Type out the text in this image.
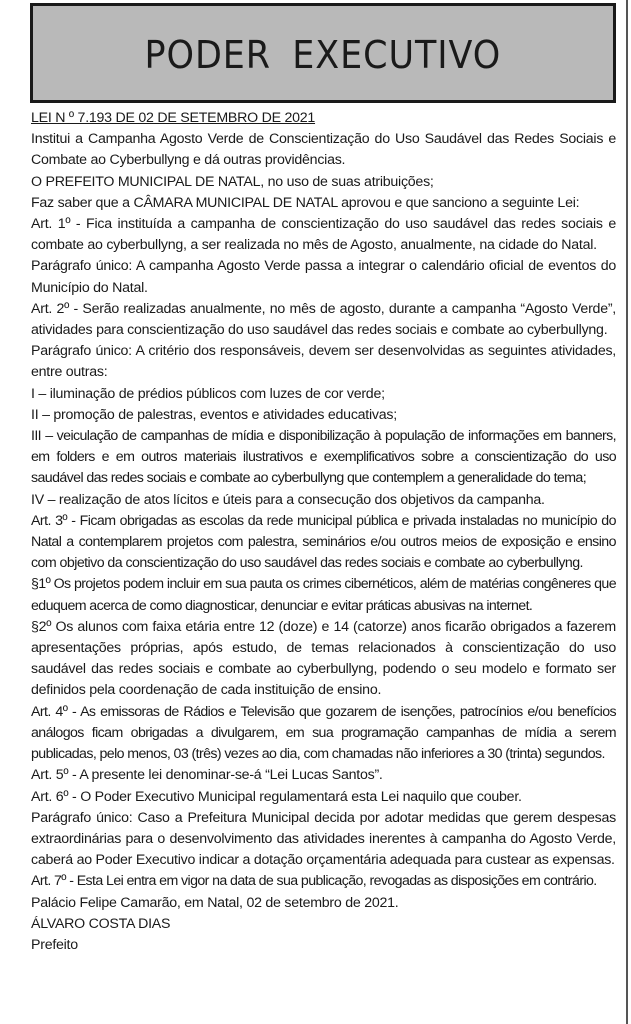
PODER EXECUTIVO

LEI N º 7.193 DE 02 DE SETEMBRO DE 2021

Institui a Campanha Agosto Verde de Conscientização do Uso Saudável das Redes Sociais e Combate ao Cyberbullyng e dá outras providências.

O PREFEITO MUNICIPAL DE NATAL, no uso de suas atribuições;

Faz saber que a CÂMARA MUNICIPAL DE NATAL aprovou e que sanciono a seguinte Lei:

Art. 1º - Fica instituída a campanha de conscientização do uso saudável das redes sociais e combate ao cyberbullyng, a ser realizada no mês de Agosto, anualmente, na cidade do Natal.

Parágrafo único: A campanha Agosto Verde passa a integrar o calendário oficial de eventos do Município do Natal.

Art. 2º - Serão realizadas anualmente, no mês de agosto, durante a campanha “Agosto Verde”, atividades para conscientização do uso saudável das redes sociais e combate ao cyberbullyng.

Parágrafo único: A critério dos responsáveis, devem ser desenvolvidas as seguintes atividades, entre outras:

I – iluminação de prédios públicos com luzes de cor verde;

II – promoção de palestras, eventos e atividades educativas;

III – veiculação de campanhas de mídia e disponibilização à população de informações em banners, em folders e em outros materiais ilustrativos e exemplificativos sobre a conscientização do uso saudável das redes sociais e combate ao cyberbullyng que contemplem a generalidade do tema;

IV – realização de atos lícitos e úteis para a consecução dos objetivos da campanha.

Art. 3º - Ficam obrigadas as escolas da rede municipal pública e privada instaladas no município do Natal a contemplarem projetos com palestra, seminários e/ou outros meios de exposição e ensino com objetivo da conscientização do uso saudável das redes sociais e combate ao cyberbullyng.

§1º Os projetos podem incluir em sua pauta os crimes cibernéticos, além de matérias congêneres que eduquem acerca de como diagnosticar, denunciar e evitar práticas abusivas na internet.

§2º Os alunos com faixa etária entre 12 (doze) e 14 (catorze) anos ficarão obrigados a fazerem apresentações próprias, após estudo, de temas relacionados à conscientização do uso saudável das redes sociais e combate ao cyberbullyng, podendo o seu modelo e formato ser definidos pela coordenação de cada instituição de ensino.

Art. 4º - As emissoras de Rádios e Televisão que gozarem de isenções, patrocínios e/ou benefícios análogos ficam obrigadas a divulgarem, em sua programação campanhas de mídia a serem publicadas, pelo menos, 03 (três) vezes ao dia, com chamadas não inferiores a 30 (trinta) segundos.

Art. 5º - A presente lei denominar-se-á “Lei Lucas Santos”.

Art. 6º - O Poder Executivo Municipal regulamentará esta Lei naquilo que couber.

Parágrafo único: Caso a Prefeitura Municipal decida por adotar medidas que gerem despesas extraordinárias para o desenvolvimento das atividades inerentes à campanha do Agosto Verde, caberá ao Poder Executivo indicar a dotação orçamentária adequada para custear as expensas.

Art. 7º - Esta Lei entra em vigor na data de sua publicação, revogadas as disposições em contrário.

Palácio Felipe Camarão, em Natal, 02 de setembro de 2021.

ÁLVARO COSTA DIAS

Prefeito
